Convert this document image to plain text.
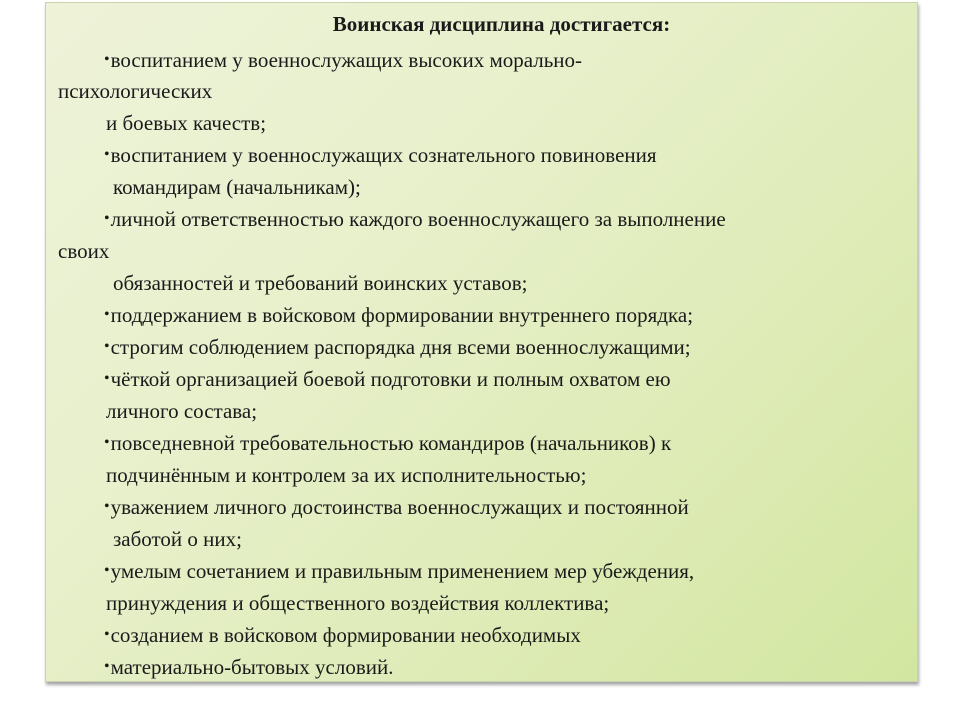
Воинская дисциплина достигается:

•воспитанием у военнослужащих высоких морально-

психологических

и боевых качеств;

•воспитанием у военнослужащих сознательного повиновения

командирам (начальникам);

•личной ответственностью каждого военнослужащего за выполнение

своих

обязанностей и требований воинских уставов;

•поддержанием в войсковом формировании внутреннего порядка;

•строгим соблюдением распорядка дня всеми военнослужащими;

•чёткой организацией боевой подготовки и полным охватом ею

личного состава;

•повседневной требовательностью командиров (начальников) к

подчинённым и контролем за их исполнительностью;

•уважением личного достоинства военнослужащих и постоянной

заботой о них;

•умелым сочетанием и правильным применением мер убеждения,

принуждения и общественного воздействия коллектива;

•созданием в войсковом формировании необходимых

•материально-бытовых условий.
